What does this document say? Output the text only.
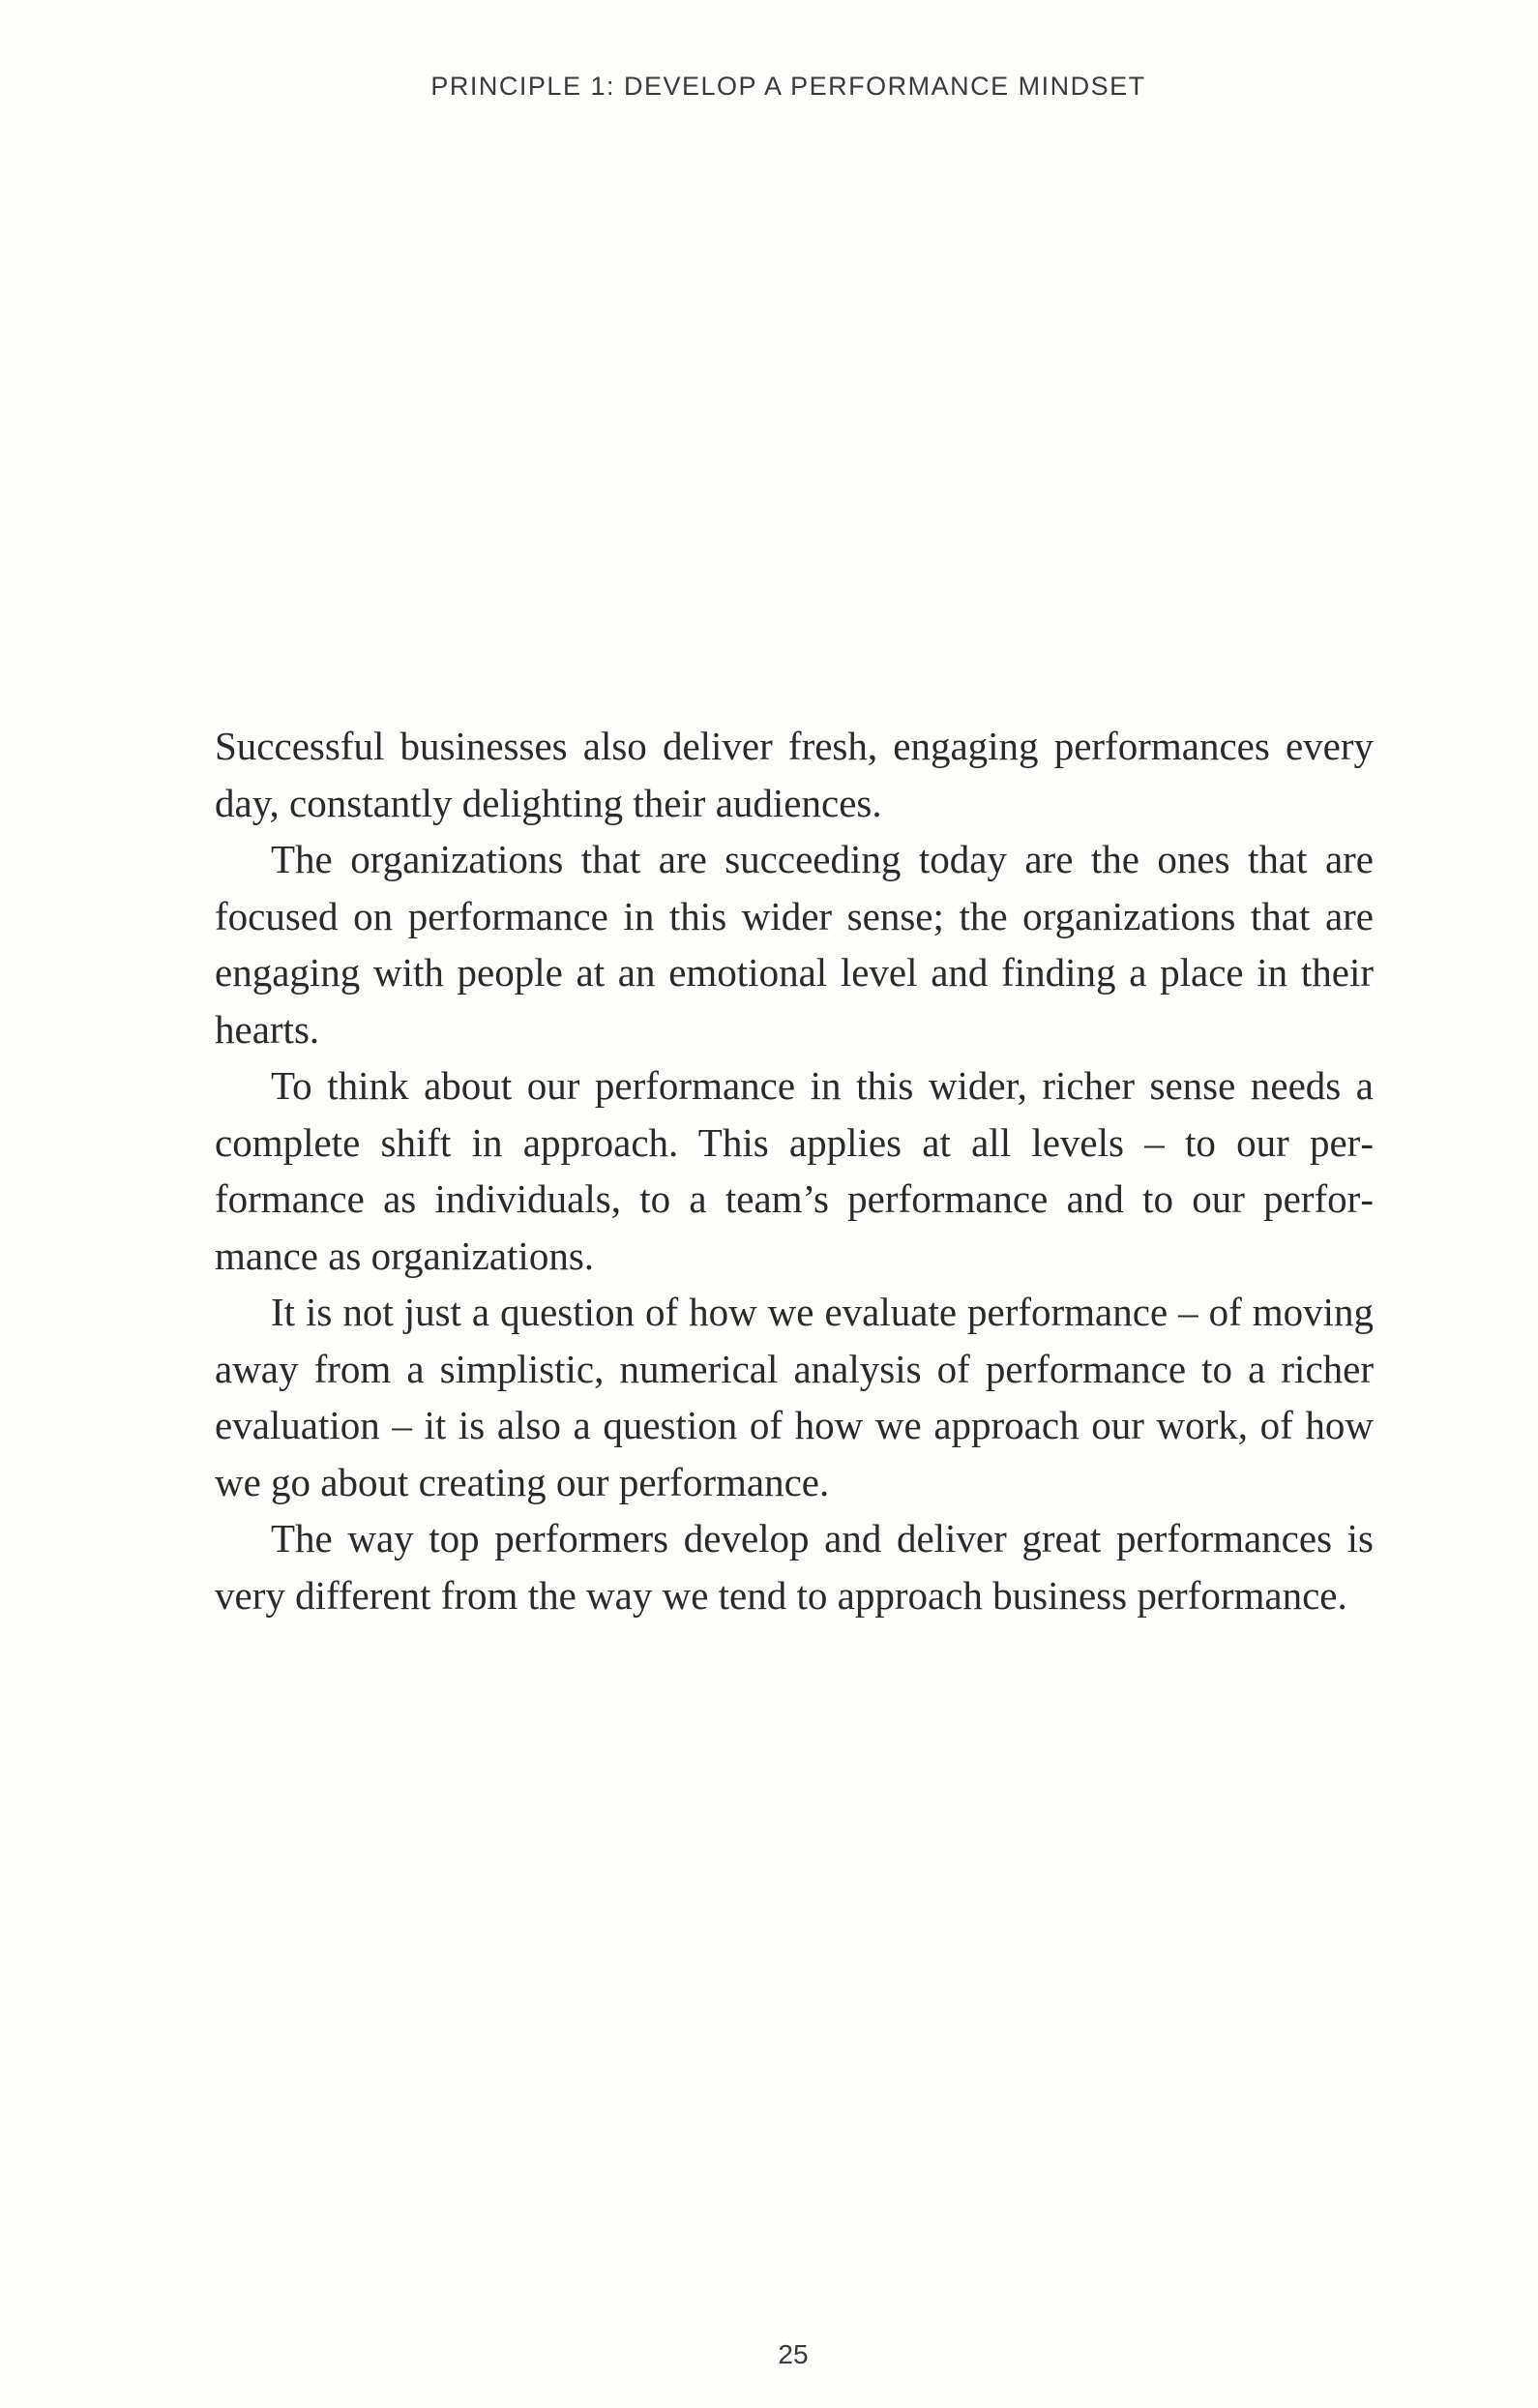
PRINCIPLE 1: DEVELOP A PERFORMANCE MINDSET

Successful businesses also deliver fresh, engaging performances every day, constantly delighting their audiences.

The organizations that are succeeding today are the ones that are focused on performance in this wider sense; the organizations that are engaging with people at an emotional level and finding a place in their hearts.

To think about our performance in this wider, richer sense needs a complete shift in approach. This applies at all levels – to our performance as individuals, to a team’s performance and to our performance as organizations.

It is not just a question of how we evaluate performance – of moving away from a simplistic, numerical analysis of performance to a richer evaluation – it is also a question of how we approach our work, of how we go about creating our performance.

The way top performers develop and deliver great performances is very different from the way we tend to approach business performance.

25
